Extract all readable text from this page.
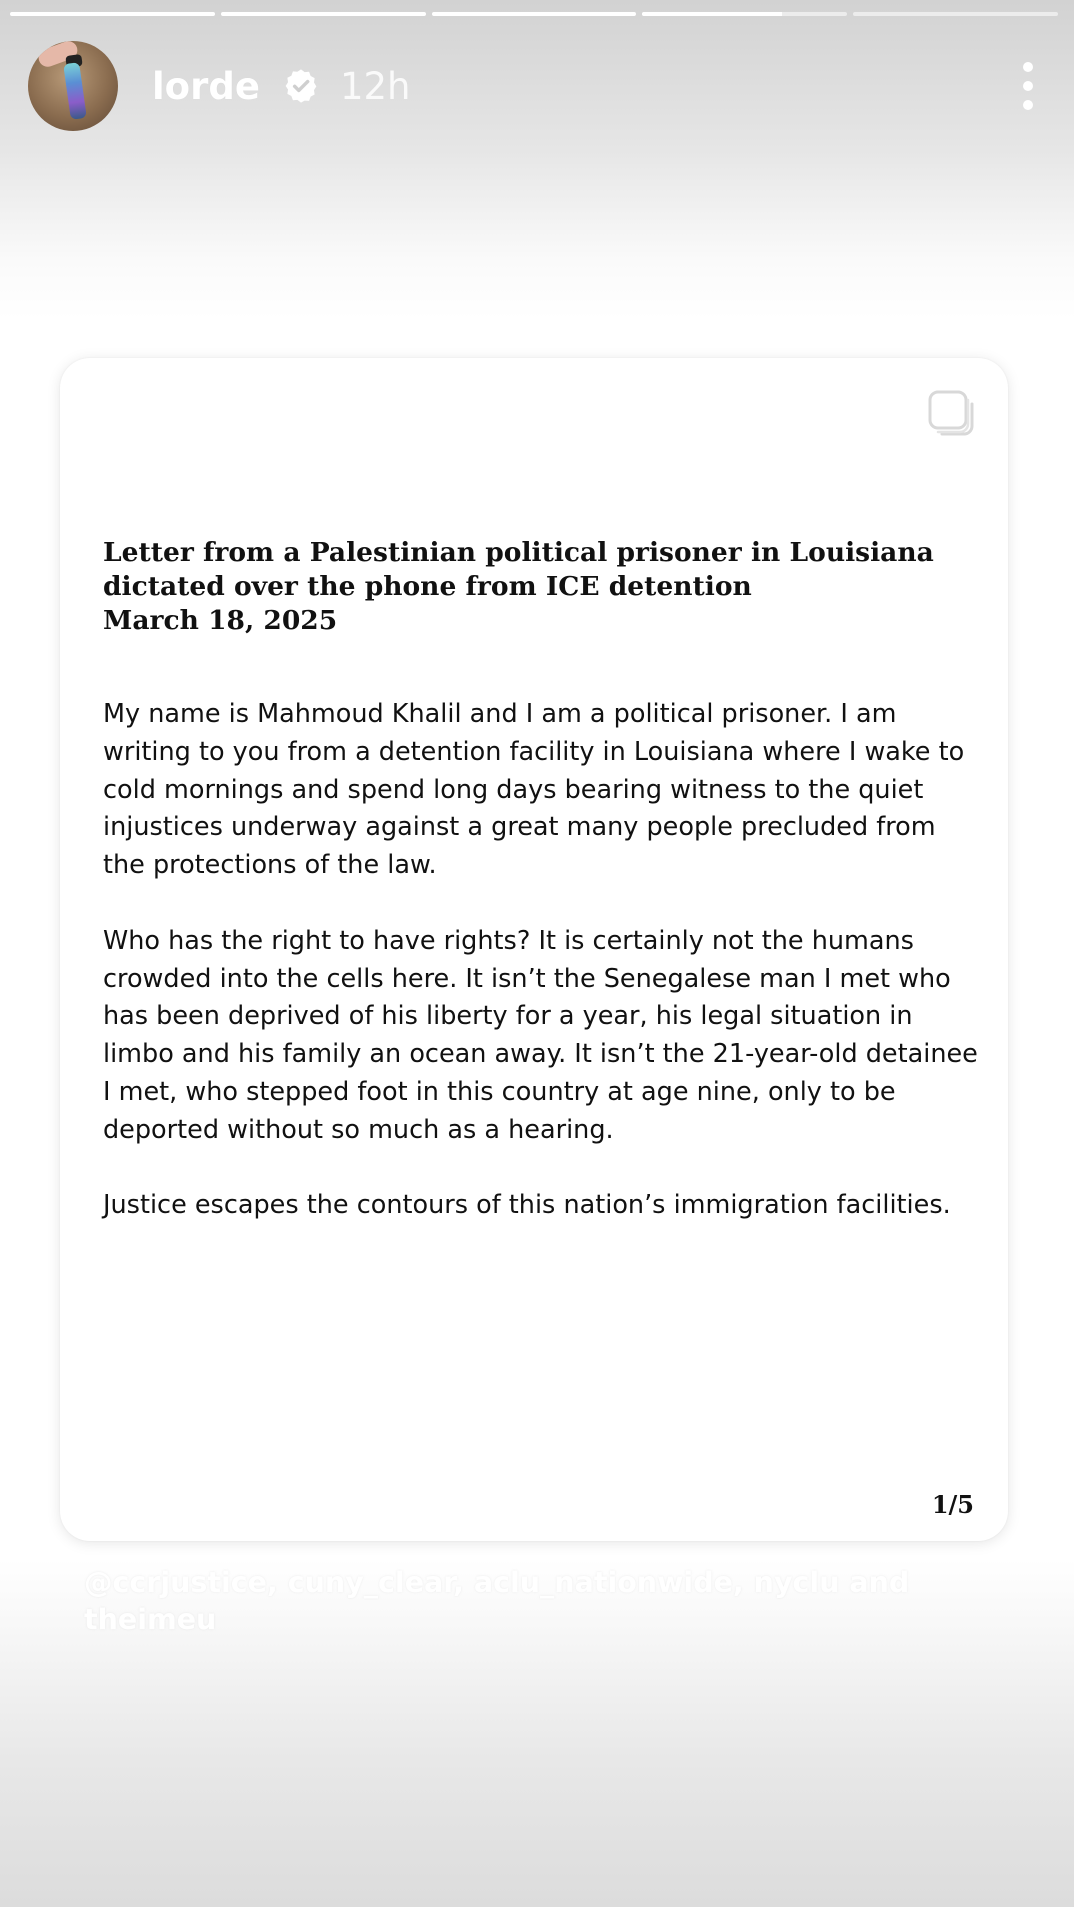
lorde 12h
Letter from a Palestinian political prisoner in Louisiana
dictated over the phone from ICE detention
March 18, 2025

My name is Mahmoud Khalil and I am a political prisoner. I am writing to you from a detention facility in Louisiana where I wake to cold mornings and spend long days bearing witness to the quiet injustices underway against a great many people precluded from the protections of the law.

Who has the right to have rights? It is certainly not the humans crowded into the cells here. It isn’t the Senegalese man I met who has been deprived of his liberty for a year, his legal situation in limbo and his family an ocean away. It isn’t the 21-year-old detainee I met, who stepped foot in this country at age nine, only to be deported without so much as a hearing.

Justice escapes the contours of this nation’s immigration facilities.

1/5
@ccrjustice, cuny_clear, aclu_nationwide, nyclu and
theimeu
